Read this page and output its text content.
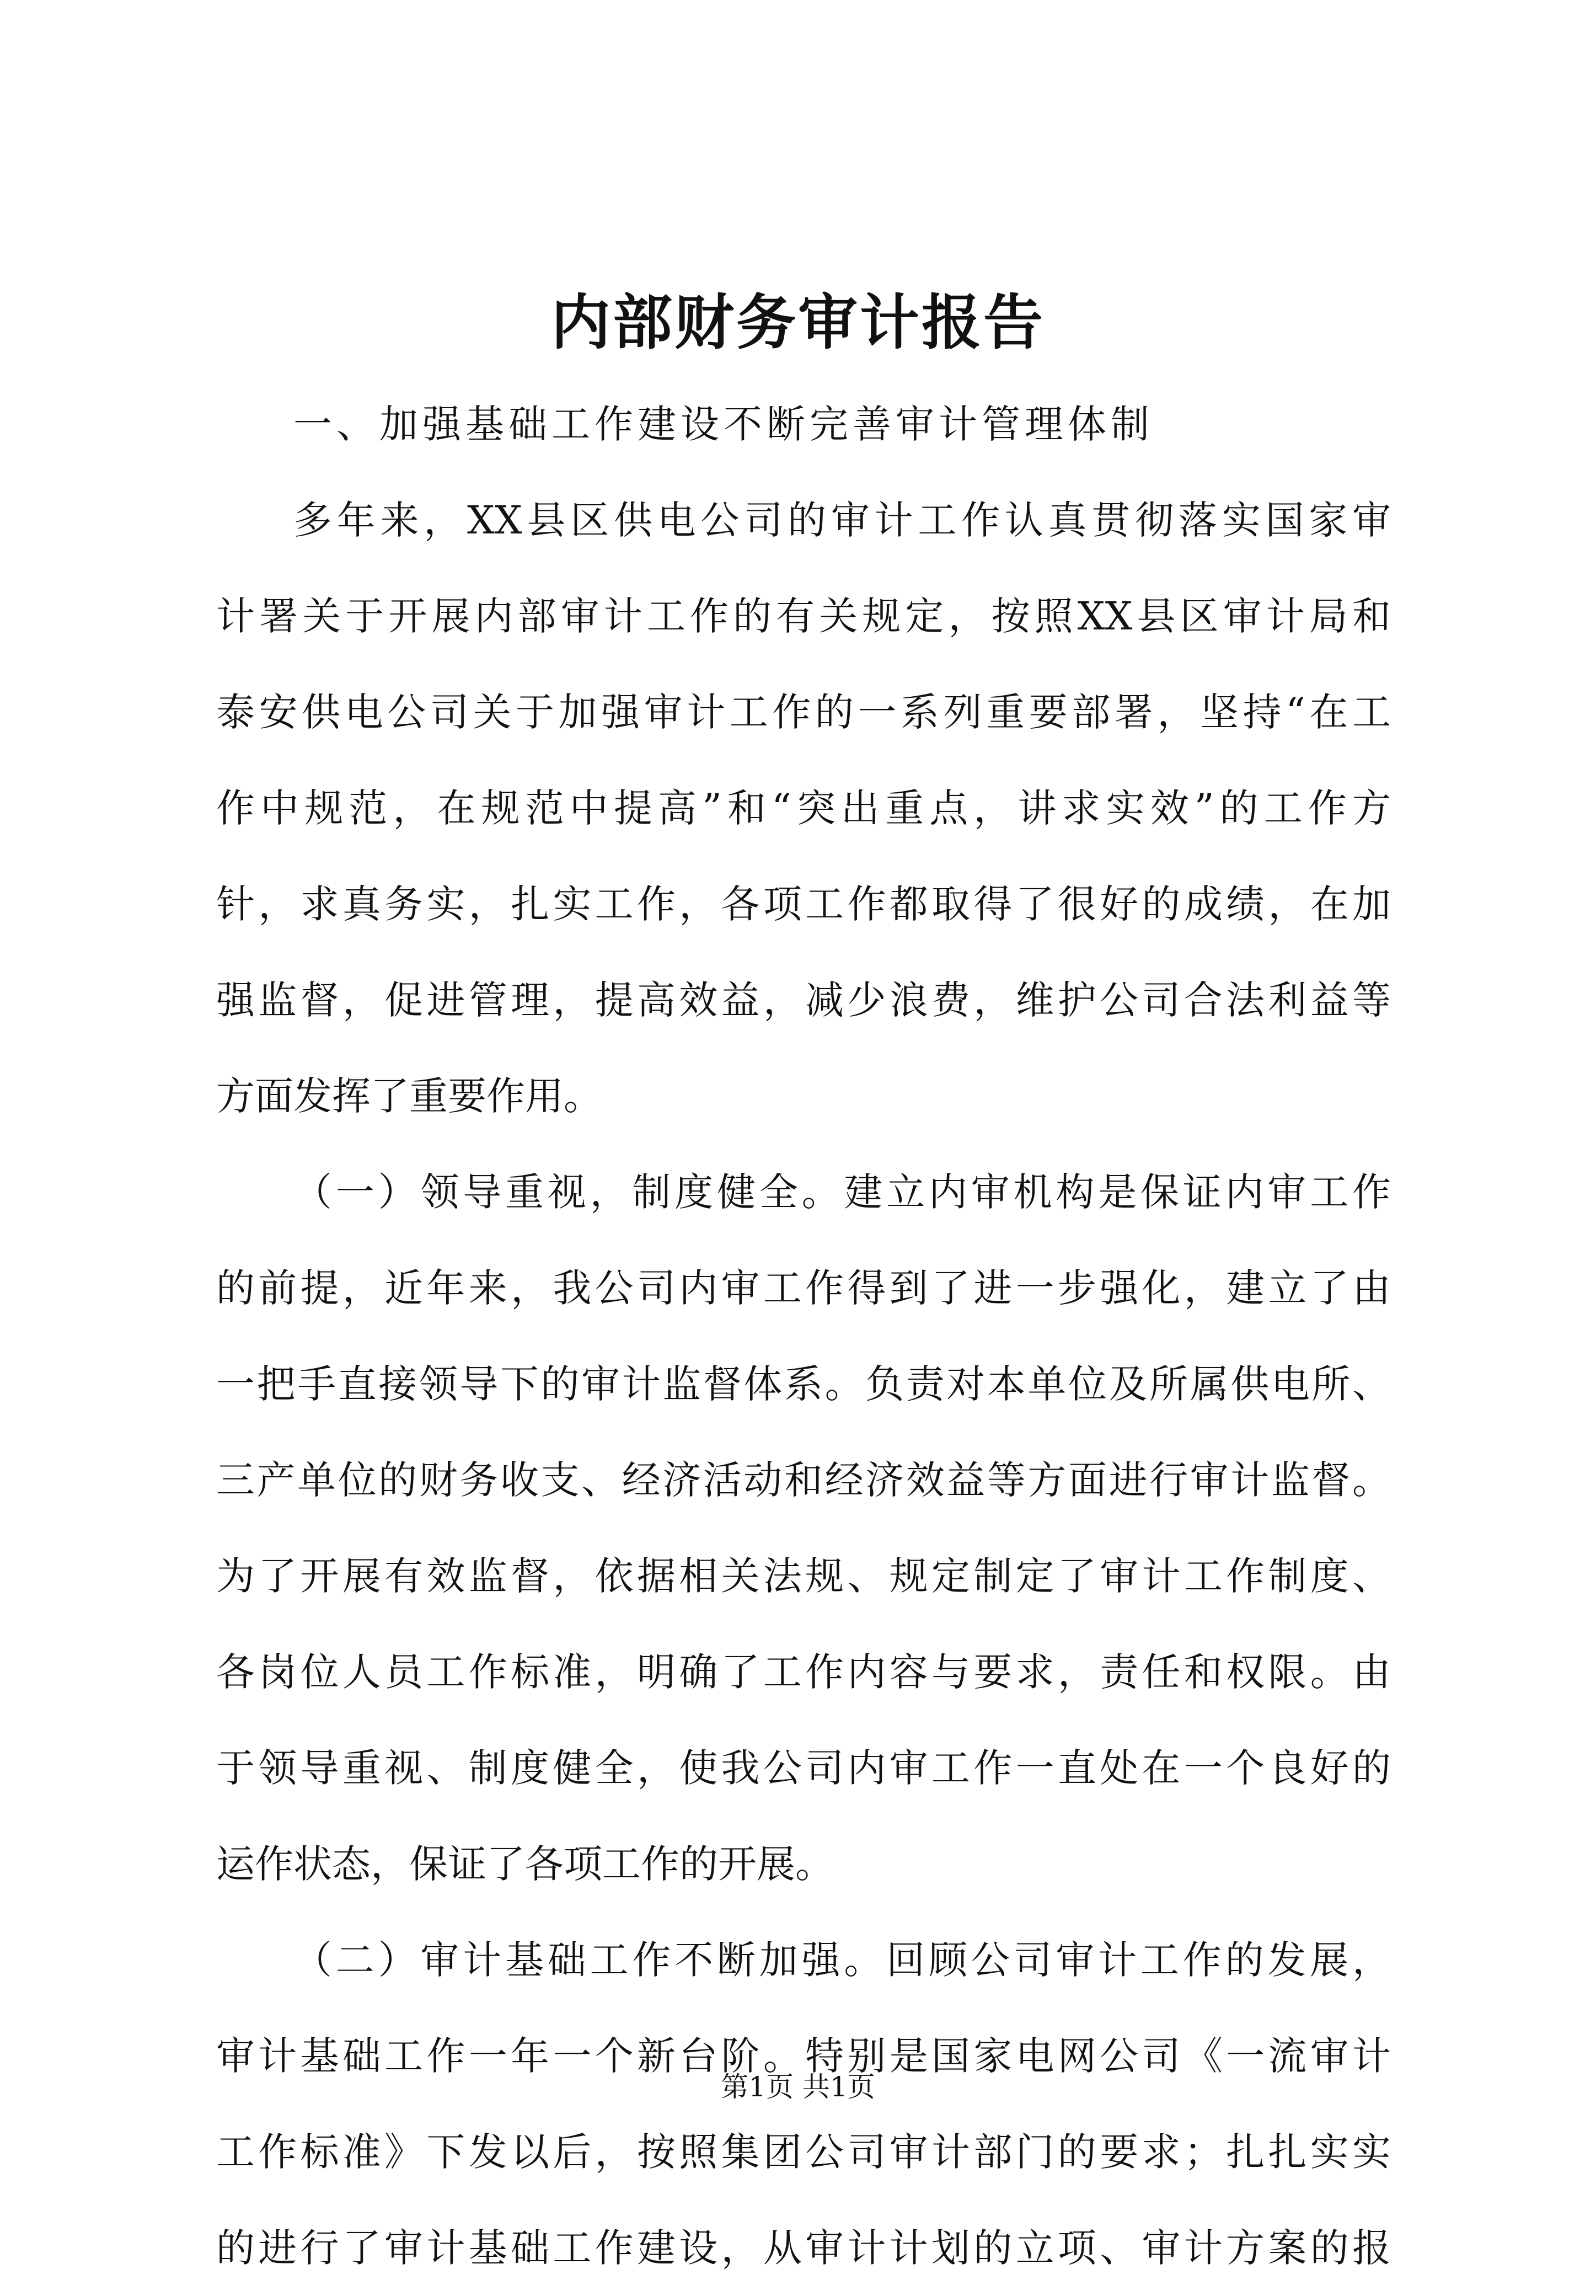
内部财务审计报告
一、加强基础工作建设不断完善审计管理体制
多年来，XX县区供电公司的审计工作认真贯彻落实国家审
计署关于开展内部审计工作的有关规定，按照XX县区审计局和
泰安供电公司关于加强审计工作的一系列重要部署，坚持“在工
作中规范，在规范中提高”和“突出重点，讲求实效”的工作方
针，求真务实，扎实工作，各项工作都取得了很好的成绩，在加
强监督，促进管理，提高效益，减少浪费，维护公司合法利益等
方面发挥了重要作用。
（一）领导重视，制度健全。建立内审机构是保证内审工作
的前提，近年来，我公司内审工作得到了进一步强化，建立了由
一把手直接领导下的审计监督体系。负责对本单位及所属供电所、
三产单位的财务收支、经济活动和经济效益等方面进行审计监督。
为了开展有效监督，依据相关法规、规定制定了审计工作制度、
各岗位人员工作标准，明确了工作内容与要求，责任和权限。由
于领导重视、制度健全，使我公司内审工作一直处在一个良好的
运作状态，保证了各项工作的开展。
（二）审计基础工作不断加强。回顾公司审计工作的发展，
审计基础工作一年一个新台阶。特别是国家电网公司《一流审计
工作标准》下发以后，按照集团公司审计部门的要求；扎扎实实
的进行了审计基础工作建设，从审计计划的立项、审计方案的报
第1页 共1页
